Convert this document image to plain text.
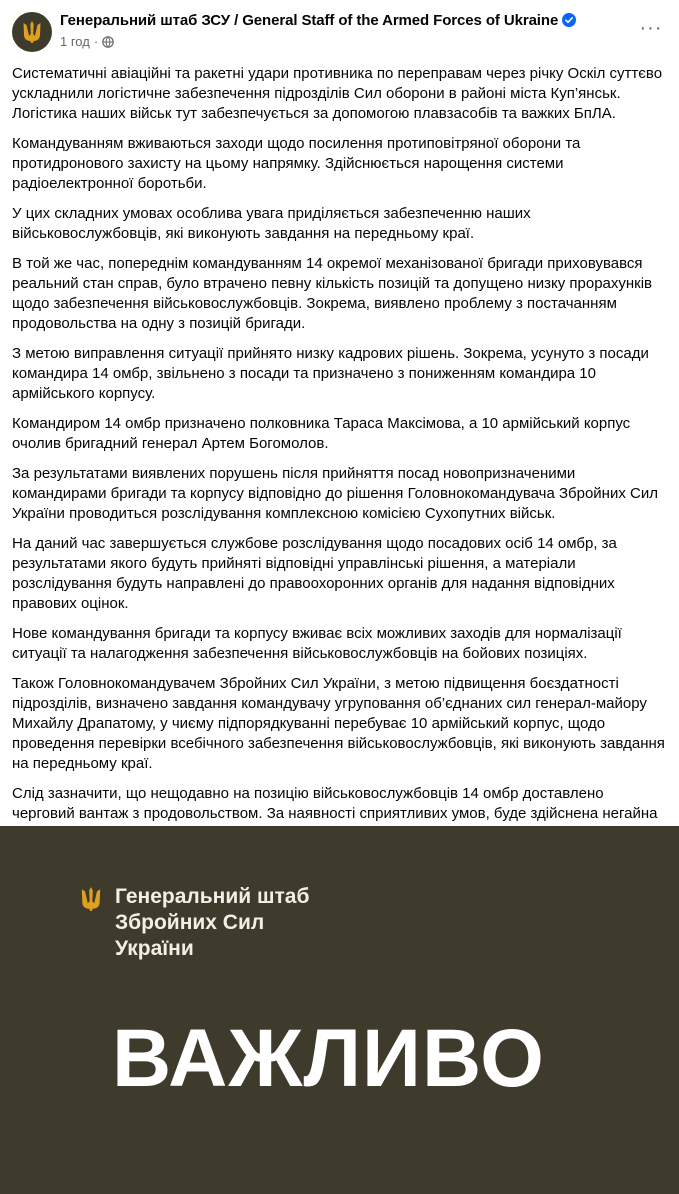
Генеральний штаб ЗСУ / General Staff of the Armed Forces of Ukraine
1 год ·
···

Систематичні авіаційні та ракетні удари противника по переправам через річку Оскіл суттєво ускладнили логістичне забезпечення підрозділів Сил оборони в районі міста Куп’янськ. Логістика наших військ тут забезпечується за допомогою плавзасобів та важких БпЛА.

Командуванням вживаються заходи щодо посилення протиповітряної оборони та протидронового захисту на цьому напрямку. Здійснюється нарощення системи радіоелектронної боротьби.

У цих складних умовах особлива увага приділяється забезпеченню наших військовослужбовців, які виконують завдання на передньому краї.

В той же час, попереднім командуванням 14 окремої механізованої бригади приховувався реальний стан справ, було втрачено певну кількість позицій та допущено низку прорахунків щодо забезпечення військовослужбовців. Зокрема, виявлено проблему з постачанням продовольства на одну з позицій бригади.

З метою виправлення ситуації прийнято низку кадрових рішень. Зокрема, усунуто з посади командира 14 омбр, звільнено з посади та призначено з пониженням командира 10 армійського корпусу.

Командиром 14 омбр призначено полковника Тараса Максімова, а 10 армійський корпус очолив бригадний генерал Артем Богомолов.

За результатами виявлених порушень після прийняття посад новопризначеними командирами бригади та корпусу відповідно до рішення Головнокомандувача Збройних Сил України проводиться розслідування комплексною комісією Сухопутних військ.

На даний час завершується службове розслідування щодо посадових осіб 14 омбр, за результатами якого будуть прийняті відповідні управлінські рішення, а матеріали розслідування будуть направлені до правоохоронних органів для надання відповідних правових оцінок.

Нове командування бригади та корпусу вживає всіх можливих заходів для нормалізації ситуації та налагодження забезпечення військовослужбовців на бойових позиціях.

Також Головнокомандувачем Збройних Сил України, з метою підвищення боєздатності підрозділів, визначено завдання командувачу угруповання об’єднаних сил генерал-майору Михайлу Драпатому, у чиєму підпорядкуванні перебуває 10 армійський корпус, щодо проведення перевірки всебічного забезпечення військовослужбовців, які виконують завдання на передньому краї.

Слід зазначити, що нещодавно на позицію військовослужбовців 14 омбр доставлено черговий вантаж з продовольством. За наявності сприятливих умов, буде здійснена негайна

Генеральний штаб
Збройних Сил
України
ВАЖЛИВО
